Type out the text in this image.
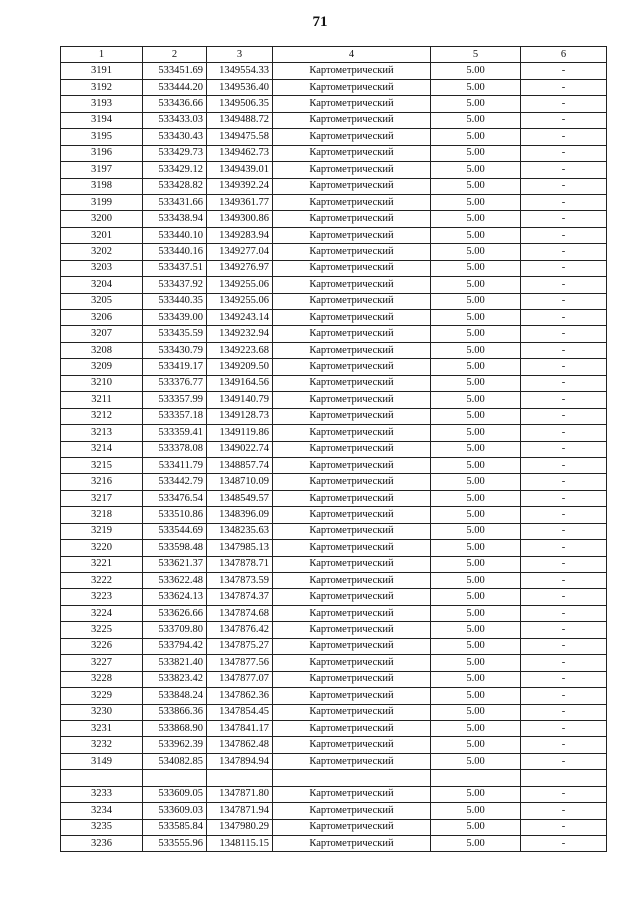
71
1	2	3	4	5	6
3191	533451.69	1349554.33	Картометрический	5.00	-
3192	533444.20	1349536.40	Картометрический	5.00	-
3193	533436.66	1349506.35	Картометрический	5.00	-
3194	533433.03	1349488.72	Картометрический	5.00	-
3195	533430.43	1349475.58	Картометрический	5.00	-
3196	533429.73	1349462.73	Картометрический	5.00	-
3197	533429.12	1349439.01	Картометрический	5.00	-
3198	533428.82	1349392.24	Картометрический	5.00	-
3199	533431.66	1349361.77	Картометрический	5.00	-
3200	533438.94	1349300.86	Картометрический	5.00	-
3201	533440.10	1349283.94	Картометрический	5.00	-
3202	533440.16	1349277.04	Картометрический	5.00	-
3203	533437.51	1349276.97	Картометрический	5.00	-
3204	533437.92	1349255.06	Картометрический	5.00	-
3205	533440.35	1349255.06	Картометрический	5.00	-
3206	533439.00	1349243.14	Картометрический	5.00	-
3207	533435.59	1349232.94	Картометрический	5.00	-
3208	533430.79	1349223.68	Картометрический	5.00	-
3209	533419.17	1349209.50	Картометрический	5.00	-
3210	533376.77	1349164.56	Картометрический	5.00	-
3211	533357.99	1349140.79	Картометрический	5.00	-
3212	533357.18	1349128.73	Картометрический	5.00	-
3213	533359.41	1349119.86	Картометрический	5.00	-
3214	533378.08	1349022.74	Картометрический	5.00	-
3215	533411.79	1348857.74	Картометрический	5.00	-
3216	533442.79	1348710.09	Картометрический	5.00	-
3217	533476.54	1348549.57	Картометрический	5.00	-
3218	533510.86	1348396.09	Картометрический	5.00	-
3219	533544.69	1348235.63	Картометрический	5.00	-
3220	533598.48	1347985.13	Картометрический	5.00	-
3221	533621.37	1347878.71	Картометрический	5.00	-
3222	533622.48	1347873.59	Картометрический	5.00	-
3223	533624.13	1347874.37	Картометрический	5.00	-
3224	533626.66	1347874.68	Картометрический	5.00	-
3225	533709.80	1347876.42	Картометрический	5.00	-
3226	533794.42	1347875.27	Картометрический	5.00	-
3227	533821.40	1347877.56	Картометрический	5.00	-
3228	533823.42	1347877.07	Картометрический	5.00	-
3229	533848.24	1347862.36	Картометрический	5.00	-
3230	533866.36	1347854.45	Картометрический	5.00	-
3231	533868.90	1347841.17	Картометрический	5.00	-
3232	533962.39	1347862.48	Картометрический	5.00	-
3149	534082.85	1347894.94	Картометрический	5.00	-

3233	533609.05	1347871.80	Картометрический	5.00	-
3234	533609.03	1347871.94	Картометрический	5.00	-
3235	533585.84	1347980.29	Картометрический	5.00	-
3236	533555.96	1348115.15	Картометрический	5.00	-
